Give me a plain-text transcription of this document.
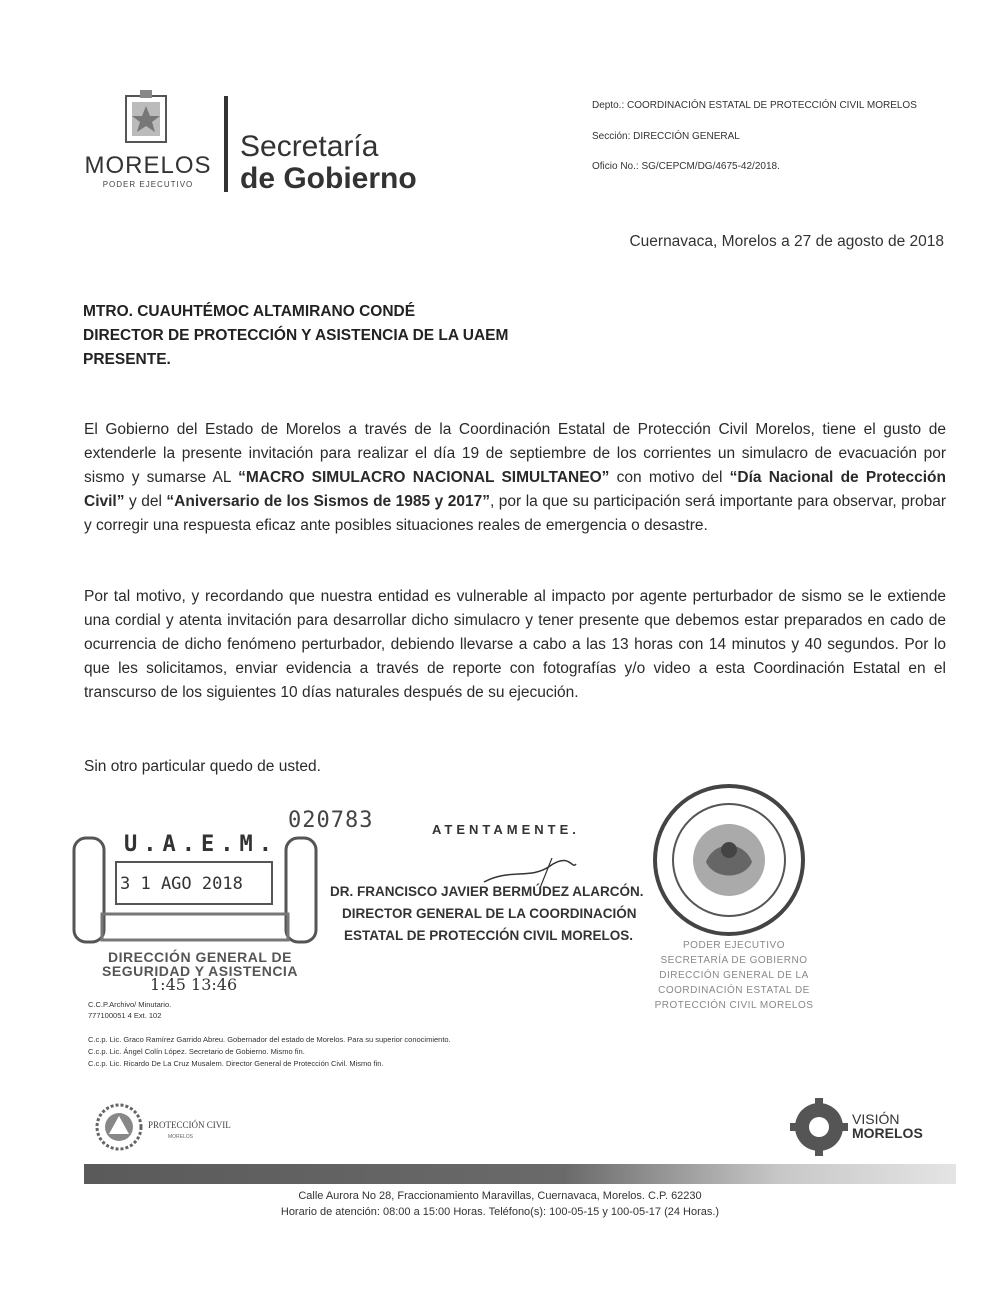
MORELOS
PODER EJECUTIVO
Secretaría
de Gobierno
Depto.: COORDINACIÓN ESTATAL DE PROTECCIÓN CIVIL MORELOS
Sección: DIRECCIÓN GENERAL
Oficio No.: SG/CEPCM/DG/4675-42/2018.
Cuernavaca, Morelos a 27 de agosto de 2018
MTRO. CUAUHTÉMOC ALTAMIRANO CONDÉ
DIRECTOR DE PROTECCIÓN Y ASISTENCIA DE LA UAEM
PRESENTE.
El Gobierno del Estado de Morelos a través de la Coordinación Estatal de Protección Civil Morelos, tiene el gusto de extenderle la presente invitación para realizar el día 19 de septiembre de los corrientes un simulacro de evacuación por sismo y sumarse AL “MACRO SIMULACRO NACIONAL SIMULTANEO” con motivo del “Día Nacional de Protección Civil” y del “Aniversario de los Sismos de 1985 y 2017”, por la que su participación será importante para observar, probar y corregir una respuesta eficaz ante posibles situaciones reales de emergencia o desastre.
Por tal motivo, y recordando que nuestra entidad es vulnerable al impacto por agente perturbador de sismo se le extiende una cordial y atenta invitación para desarrollar dicho simulacro y tener presente que debemos estar preparados en cado de ocurrencia de dicho fenómeno perturbador, debiendo llevarse a cabo a las 13 horas con 14 minutos y 40 segundos. Por lo que les solicitamos, enviar evidencia a través de reporte con fotografías y/o video a esta Coordinación Estatal en el transcurso de los siguientes 10 días naturales después de su ejecución.
Sin otro particular quedo de usted.
020783
U.A.E.M.
3 1 AGO 2018
DIRECCIÓN GENERAL DE
SEGURIDAD Y ASISTENCIA
1:45 13:46
ATENTAMENTE.
DR. FRANCISCO JAVIER BERMÚDEZ ALARCÓN.
DIRECTOR GENERAL DE LA COORDINACIÓN
ESTATAL DE PROTECCIÓN CIVIL MORELOS.
PODER EJECUTIVO
SECRETARÍA DE GOBIERNO
DIRECCIÓN GENERAL DE LA
COORDINACIÓN ESTATAL DE
PROTECCIÓN CIVIL MORELOS
C.C.P.Archivo/ Minutario.
777100051 4 Ext. 102
C.c.p. Lic. Graco Ramírez Garrido Abreu. Gobernador del estado de Morelos. Para su superior conocimiento.
C.c.p. Lic. Ángel Colín López. Secretario de Gobierno. Mismo fin.
C.c.p. Lic. Ricardo De La Cruz Musalem. Director General de Protección Civil. Mismo fin.
PROTECCIÓN CIVIL
MORELOS
VISIÓN
MORELOS
Calle Aurora No 28, Fraccionamiento Maravillas, Cuernavaca, Morelos. C.P. 62230
Horario de atención: 08:00 a 15:00 Horas. Teléfono(s): 100-05-15 y 100-05-17 (24 Horas.)
